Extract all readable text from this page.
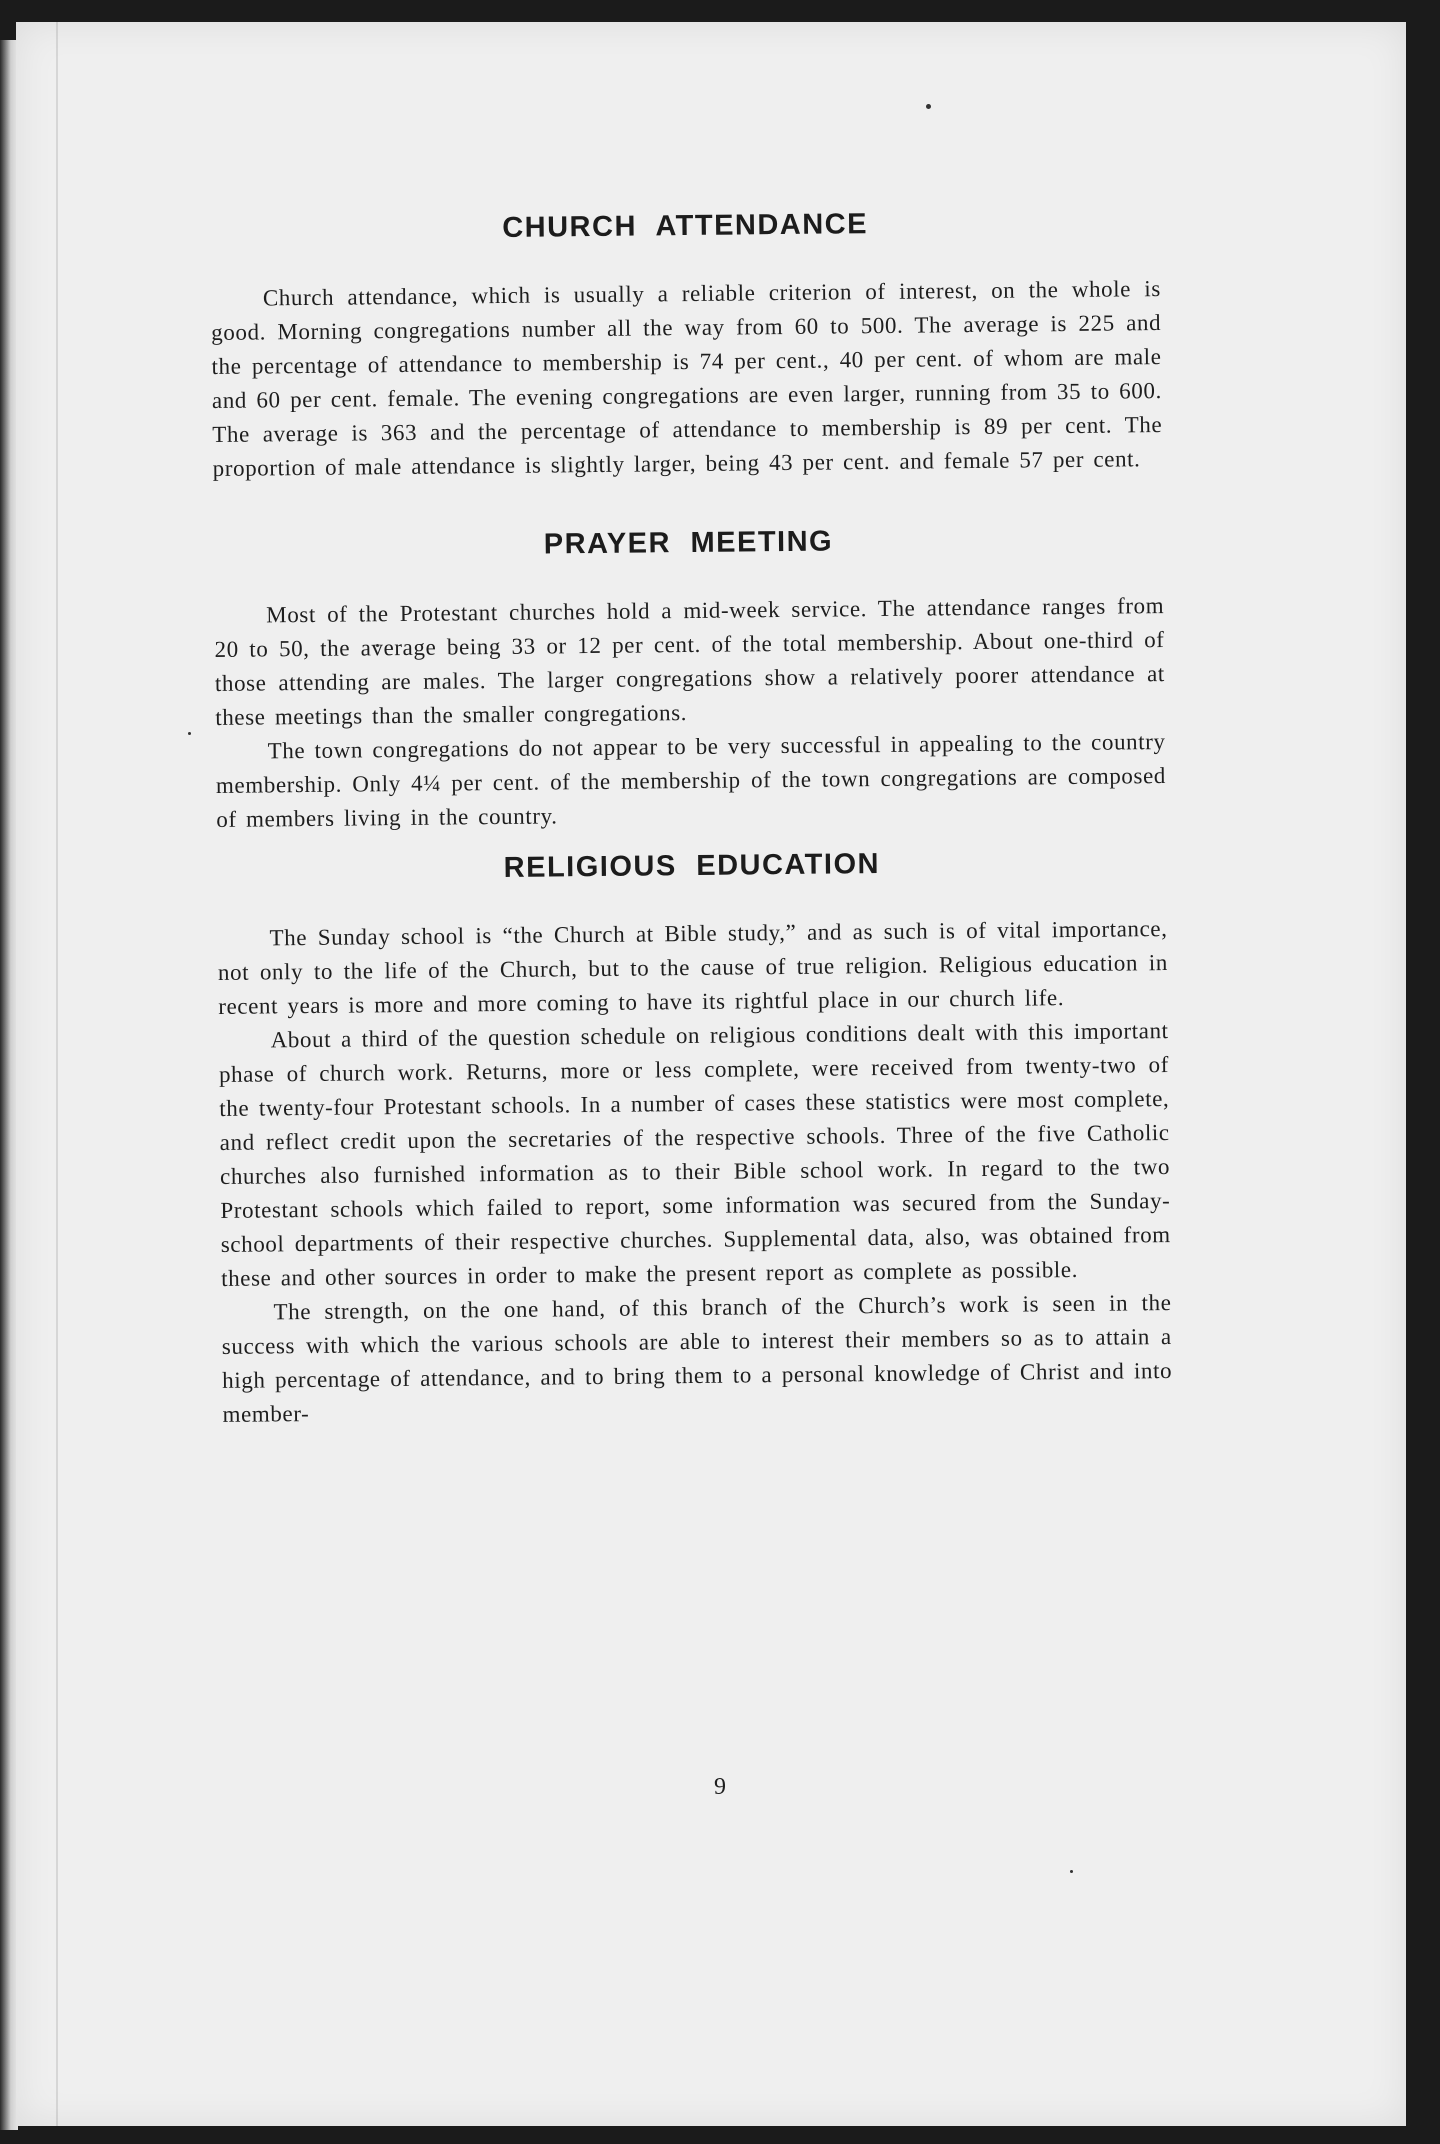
CHURCH ATTENDANCE

Church attendance, which is usually a reliable criterion of interest, on the whole is good. Morning congregations number all the way from 60 to 500. The average is 225 and the percentage of attendance to membership is 74 per cent., 40 per cent. of whom are male and 60 per cent. female. The evening congregations are even larger, running from 35 to 600. The average is 363 and the percentage of attendance to membership is 89 per cent. The proportion of male attendance is slightly larger, being 43 per cent. and female 57 per cent.

PRAYER MEETING

Most of the Protestant churches hold a mid-week service. The attendance ranges from 20 to 50, the average being 33 or 12 per cent. of the total membership. About one-third of those attending are males. The larger congregations show a relatively poorer attendance at these meetings than the smaller congregations.

The town congregations do not appear to be very successful in appealing to the country membership. Only 4¼ per cent. of the membership of the town congregations are composed of members living in the country.

RELIGIOUS EDUCATION

The Sunday school is “the Church at Bible study,” and as such is of vital importance, not only to the life of the Church, but to the cause of true religion. Religious education in recent years is more and more coming to have its rightful place in our church life.

About a third of the question schedule on religious conditions dealt with this important phase of church work. Returns, more or less complete, were received from twenty-two of the twenty-four Protestant schools. In a number of cases these statistics were most complete, and reflect credit upon the secretaries of the respective schools. Three of the five Catholic churches also furnished information as to their Bible school work. In regard to the two Protestant schools which failed to report, some information was secured from the Sunday-school departments of their respective churches. Supplemental data, also, was obtained from these and other sources in order to make the present report as complete as possible.

The strength, on the one hand, of this branch of the Church’s work is seen in the success with which the various schools are able to interest their members so as to attain a high percentage of attendance, and to bring them to a personal knowledge of Christ and into member-

9
